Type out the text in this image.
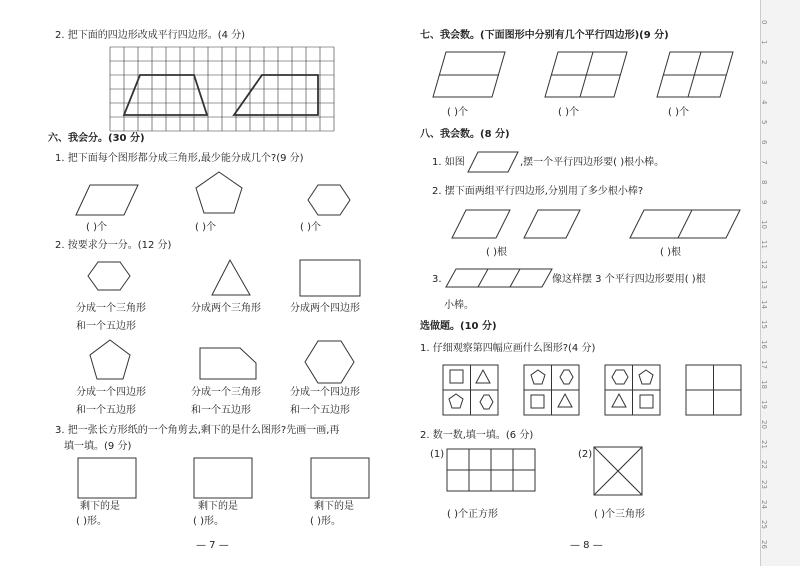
2. 把下面的四边形改成平行四边形。(4 分)
六、我会分。(30 分)
1. 把下面每个图形都分成三角形,最少能分成几个?(9 分)
( )个	( )个	( )个
2. 按要求分一分。(12 分)
分成一个三角形
和一个五边形
分成两个三角形	分成两个四边形
分成一个四边形
和一个五边形
分成一个三角形
和一个五边形
分成一个四边形
和一个五边形
3. 把一张长方形纸的一个角剪去,剩下的是什么图形?先画一画,再
填一填。(9 分)
剩下的是
( )形。
剩下的是
( )形。
剩下的是
( )形。
— 7 —
七、我会数。(下面图形中分别有几个平行四边形)(9 分)
( )个	( )个	( )个
八、我会数。(8 分)
1. 如图	,摆一个平行四边形要( )根小棒。
2. 摆下面两组平行四边形,分别用了多少根小棒?
( )根	( )根
3.	像这样摆 3 个平行四边形要用( )根
小棒。
选做题。(10 分)
1. 仔细观察第四幅应画什么图形?(4 分)
2. 数一数,填一填。(6 分)
(1)	(2)
( )个正方形	( )个三角形
— 8 —
0
1
2
3
4
5
6
7
8
9
10
11
12
13
14
15
16
17
18
19
20
21
22
23
24
25
26
